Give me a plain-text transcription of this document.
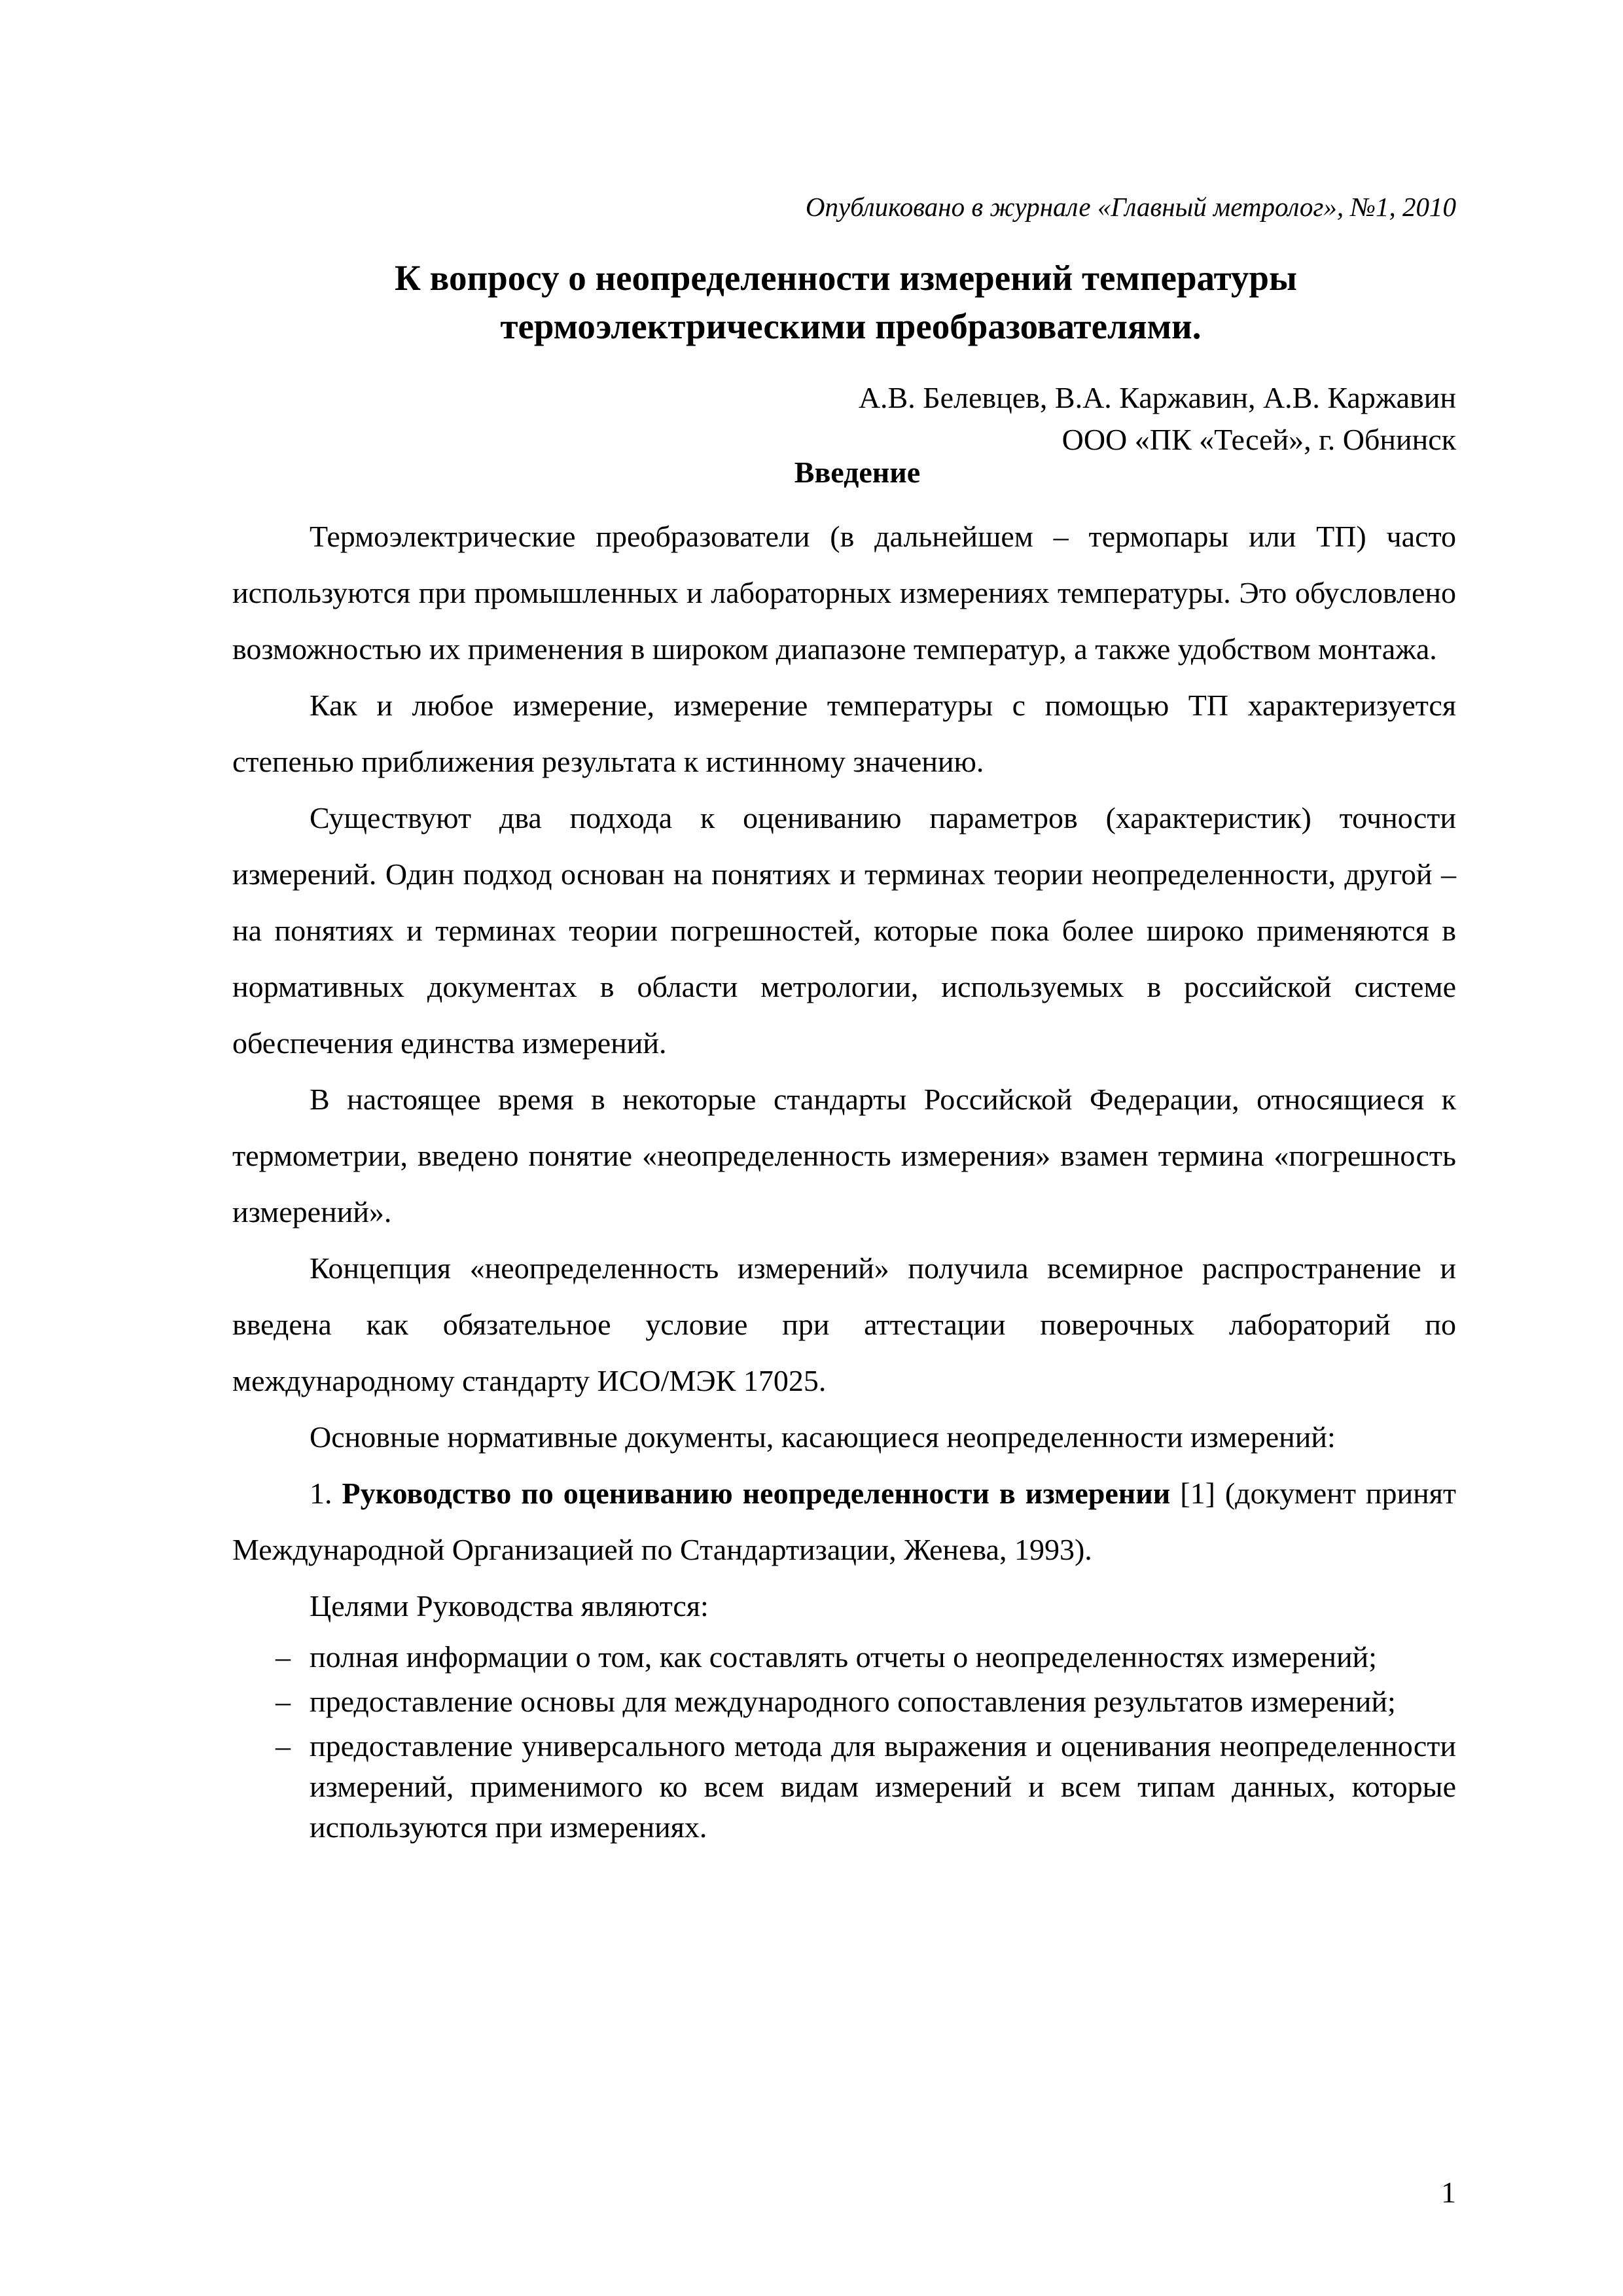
Опубликовано в журнале «Главный метролог», №1, 2010
К вопросу о неопределенности измерений температуры
термоэлектрическими преобразователями.
А.В. Белевцев, В.А. Каржавин, А.В. Каржавин
ООО «ПК «Тесей», г. Обнинск
Введение

Термоэлектрические преобразователи (в дальнейшем – термопары или ТП) часто используются при промышленных и лабораторных измерениях температуры. Это обусловлено возможностью их применения в широком диапазоне температур, а также удобством монтажа.

Как и любое измерение, измерение температуры с помощью ТП характеризуется степенью приближения результата к истинному значению.

Существуют два подхода к оцениванию параметров (характеристик) точности измерений. Один подход основан на понятиях и терминах теории неопределенности, другой – на понятиях и терминах теории погрешностей, которые пока более широко применяются в нормативных документах в области метрологии, используемых в российской системе обеспечения единства измерений.

В настоящее время в некоторые стандарты Российской Федерации, относящиеся к термометрии, введено понятие «неопределенность измерения» взамен термина «погрешность измерений».

Концепция «неопределенность измерений» получила всемирное распространение и введена как обязательное условие при аттестации поверочных лабораторий по международному стандарту ИСО/МЭК 17025.

Основные нормативные документы, касающиеся неопределенности измерений:

1. Руководство по оцениванию неопределенности в измерении [1] (документ принят Международной Организацией по Стандартизации, Женева, 1993).

Целями Руководства являются:

– полная информации о том, как составлять отчеты о неопределенностях измерений;
– предоставление основы для международного сопоставления результатов измерений;
– предоставление универсального метода для выражения и оценивания неопределенности измерений, применимого ко всем видам измерений и всем типам данных, которые используются при измерениях.
1
